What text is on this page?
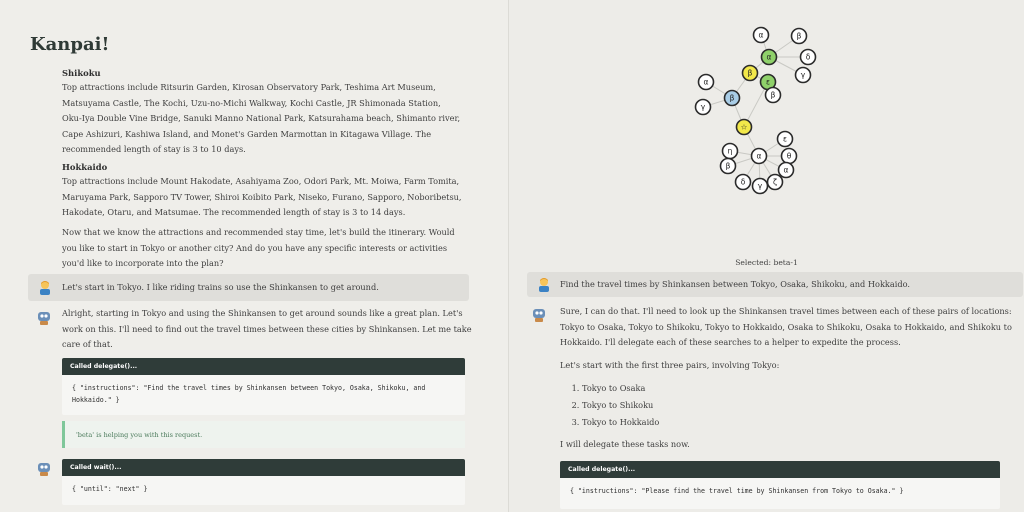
Kanpai!
Shikoku
Top attractions include Ritsurin Garden, Kirosan Observatory Park, Teshima Art Museum, Matsuyama Castle, The Kochi, Uzu-no-Michi Walkway, Kochi Castle, JR Shimonada Station, Oku-Iya Double Vine Bridge, Sanuki Manno National Park, Katsurahama beach, Shimanto river, Cape Ashizuri, Kashiwa Island, and Monet's Garden Marmottan in Kitagawa Village. The recommended length of stay is 3 to 10 days.
Hokkaido
Top attractions include Mount Hakodate, Asahiyama Zoo, Odori Park, Mt. Moiwa, Farm Tomita, Maruyama Park, Sapporo TV Tower, Shiroi Koibito Park, Niseko, Furano, Sapporo, Noboribetsu, Hakodate, Otaru, and Matsumae. The recommended length of stay is 3 to 14 days.
Now that we know the attractions and recommended stay time, let's build the itinerary. Would you like to start in Tokyo or another city? And do you have any specific interests or activities you'd like to incorporate into the plan?
Let's start in Tokyo. I like riding trains so use the Shinkansen to get around.
Alright, starting in Tokyo and using the Shinkansen to get around sounds like a great plan. Let's work on this. I'll need to find out the travel times between these cities by Shinkansen. Let me take care of that.
Called delegate()...
{ "instructions": "Find the travel times by Shinkansen between Tokyo, Osaka, Shikoku, and Hokkaido." }
'beta' is helping you with this request.
Called wait()...
{ "until": "next" }
α	β
α	δ
β
ε
γ
α
β
β
γ
☆
ε
η
α	θ
β	α
δ	ζ
γ
Selected: beta-1
Find the travel times by Shinkansen between Tokyo, Osaka, Shikoku, and Hokkaido.
Sure, I can do that. I'll need to look up the Shinkansen travel times between each of these pairs of locations: Tokyo to Osaka, Tokyo to Shikoku, Tokyo to Hokkaido, Osaka to Shikoku, Osaka to Hokkaido, and Shikoku to Hokkaido. I'll delegate each of these searches to a helper to expedite the process.
Let's start with the first three pairs, involving Tokyo:
1. Tokyo to Osaka
2. Tokyo to Shikoku
3. Tokyo to Hokkaido
I will delegate these tasks now.
Called delegate()...
{ "instructions": "Please find the travel time by Shinkansen from Tokyo to Osaka." }
